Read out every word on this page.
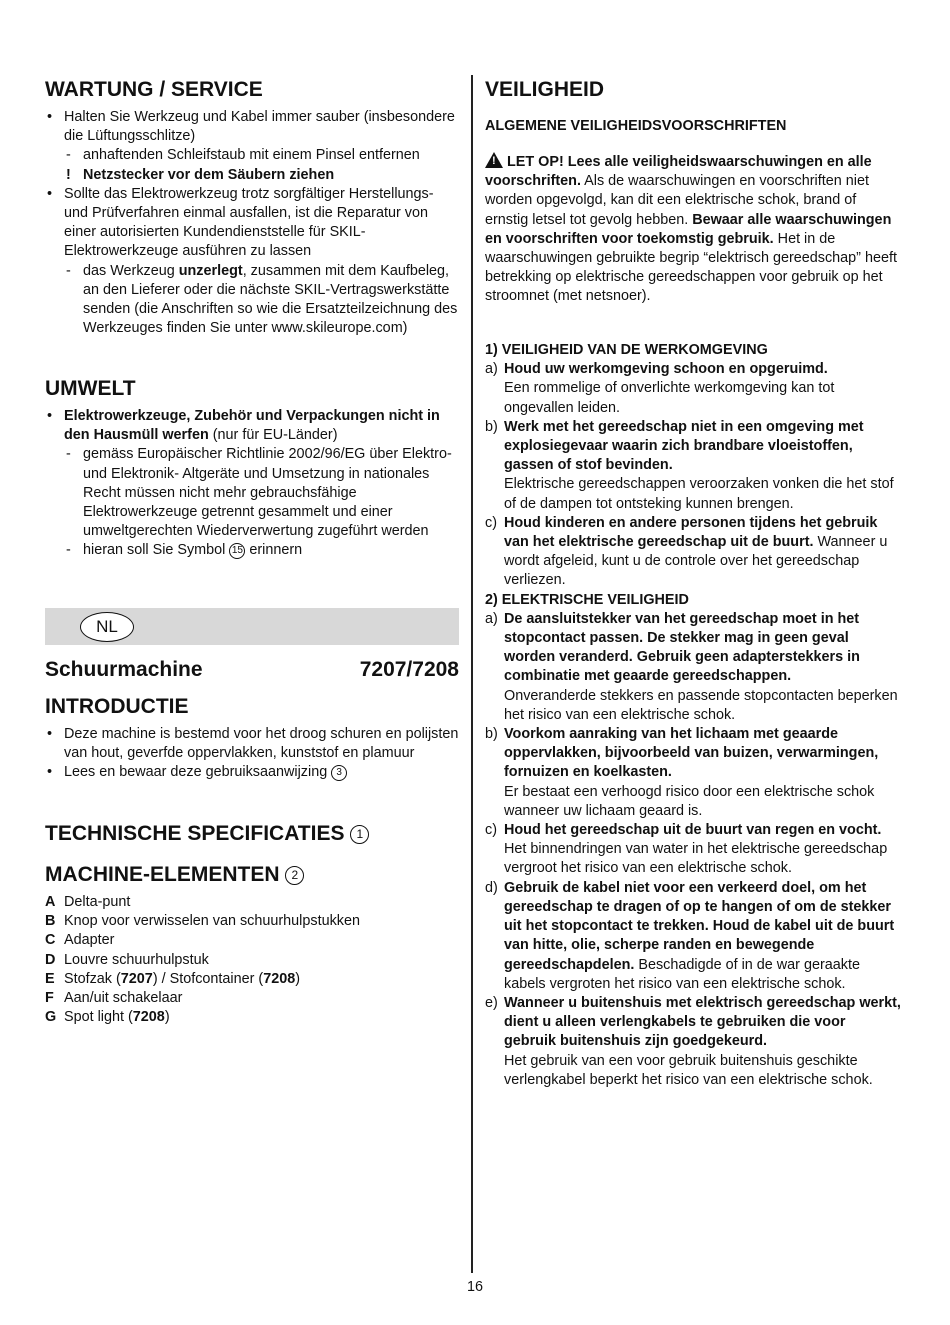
WARTUNG / SERVICE
• Halten Sie Werkzeug und Kabel immer sauber (insbesondere die Lüftungsschlitze)
- anhaftenden Schleifstaub mit einem Pinsel entfernen
! Netzstecker vor dem Säubern ziehen
• Sollte das Elektrowerkzeug trotz sorgfältiger Herstellungs- und Prüfverfahren einmal ausfallen, ist die Reparatur von einer autorisierten Kundendienststelle für SKIL-Elektrowerkzeuge ausführen zu lassen
- das Werkzeug unzerlegt, zusammen mit dem Kaufbeleg, an den Lieferer oder die nächste SKIL-Vertragswerkstätte senden (die Anschriften so wie die Ersatzteilzeichnung des Werkzeuges finden Sie unter www.skileurope.com)
UMWELT
• Elektrowerkzeuge, Zubehör und Verpackungen nicht in den Hausmüll werfen (nur für EU-Länder)
- gemäss Europäischer Richtlinie 2002/96/EG über Elektro- und Elektronik- Altgeräte und Umsetzung in nationales Recht müssen nicht mehr gebrauchsfähige Elektrowerkzeuge getrennt gesammelt und einer umweltgerechten Wiederverwertung zugeführt werden
- hieran soll Sie Symbol 15 erinnern
NL
Schuurmachine	7207/7208
INTRODUCTIE
• Deze machine is bestemd voor het droog schuren en polijsten van hout, geverfde oppervlakken, kunststof en plamuur
• Lees en bewaar deze gebruiksaanwijzing 3
TECHNISCHE SPECIFICATIES 1
MACHINE-ELEMENTEN 2
A Delta-punt
B Knop voor verwisselen van schuurhulpstukken
C Adapter
D Louvre schuurhulpstuk
E Stofzak (7207) / Stofcontainer (7208)
F Aan/uit schakelaar
G Spot light (7208)
VEILIGHEID
ALGEMENE VEILIGHEIDSVOORSCHRIFTEN
! LET OP! Lees alle veiligheidswaarschuwingen en alle voorschriften. Als de waarschuwingen en voorschriften niet worden opgevolgd, kan dit een elektrische schok, brand of ernstig letsel tot gevolg hebben. Bewaar alle waarschuwingen en voorschriften voor toekomstig gebruik. Het in de waarschuwingen gebruikte begrip “elektrisch gereedschap” heeft betrekking op elektrische gereedschappen voor gebruik op het stroomnet (met netsnoer).
1) VEILIGHEID VAN DE WERKOMGEVING
a) Houd uw werkomgeving schoon en opgeruimd.
Een rommelige of onverlichte werkomgeving kan tot ongevallen leiden.
b) Werk met het gereedschap niet in een omgeving met explosiegevaar waarin zich brandbare vloeistoffen, gassen of stof bevinden.
Elektrische gereedschappen veroorzaken vonken die het stof of de dampen tot ontsteking kunnen brengen.
c) Houd kinderen en andere personen tijdens het gebruik van het elektrische gereedschap uit de buurt. Wanneer u wordt afgeleid, kunt u de controle over het gereedschap verliezen.
2) ELEKTRISCHE VEILIGHEID
a) De aansluitstekker van het gereedschap moet in het stopcontact passen. De stekker mag in geen geval worden veranderd. Gebruik geen adapterstekkers in combinatie met geaarde gereedschappen.
Onveranderde stekkers en passende stopcontacten beperken het risico van een elektrische schok.
b) Voorkom aanraking van het lichaam met geaarde oppervlakken, bijvoorbeeld van buizen, verwarmingen, fornuizen en koelkasten.
Er bestaat een verhoogd risico door een elektrische schok wanneer uw lichaam geaard is.
c) Houd het gereedschap uit de buurt van regen en vocht. Het binnendringen van water in het elektrische gereedschap vergroot het risico van een elektrische schok.
d) Gebruik de kabel niet voor een verkeerd doel, om het gereedschap te dragen of op te hangen of om de stekker uit het stopcontact te trekken. Houd de kabel uit de buurt van hitte, olie, scherpe randen en bewegende gereedschapdelen. Beschadigde of in de war geraakte kabels vergroten het risico van een elektrische schok.
e) Wanneer u buitenshuis met elektrisch gereedschap werkt, dient u alleen verlengkabels te gebruiken die voor gebruik buitenshuis zijn goedgekeurd.
Het gebruik van een voor gebruik buitenshuis geschikte verlengkabel beperkt het risico van een elektrische schok.
16
